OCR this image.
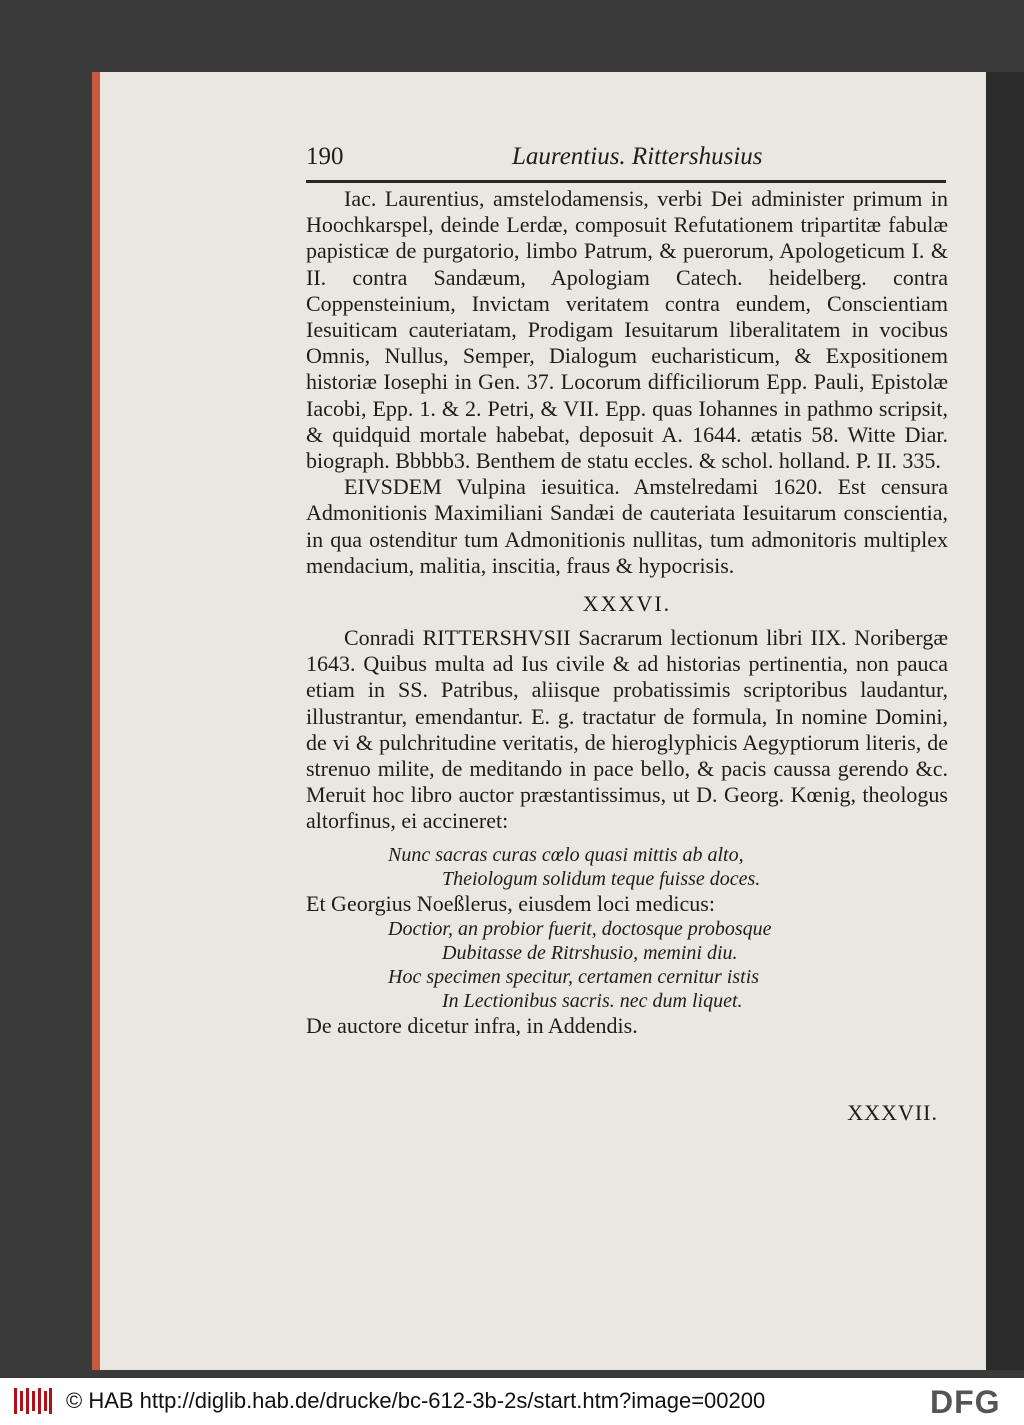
190	Laurentius. Rittershusius

Iac. Laurentius, amstelodamensis, verbi Dei administer primum in Hoochkarspel, deinde Lerdæ, composuit Refutationem tripartitæ fabulæ papisticæ de purgatorio, limbo Patrum, & puerorum, Apologeticum I. & II. contra Sandæum, Apologiam Catech. heidelberg. contra Coppensteinium, Invictam veritatem contra eundem, Conscientiam Iesuiticam cauteriatam, Prodigam Iesuitarum liberalitatem in vocibus Omnis, Nullus, Semper, Dialogum eucharisticum, & Expositionem historiæ Iosephi in Gen. 37. Locorum difficiliorum Epp. Pauli, Epistolæ Iacobi, Epp. 1. & 2. Petri, & VII. Epp. quas Iohannes in pathmo scripsit, & quidquid mortale habebat, deposuit A. 1644. ætatis 58. Witte Diar. biograph. Bbbbb3. Benthem de statu eccles. & schol. holland. P. II. 335.

EIVSDEM Vulpina iesuitica. Amstelredami 1620. Est censura Admonitionis Maximiliani Sandæi de cauteriata Iesuitarum conscientia, in qua ostenditur tum Admonitionis nullitas, tum admonitoris multiplex mendacium, malitia, inscitia, fraus & hypocrisis.

XXXVI.

Conradi RITTERSHVSII Sacrarum lectionum libri IIX. Noribergæ 1643. Quibus multa ad Ius civile & ad historias pertinentia, non pauca etiam in SS. Patribus, aliisque probatissimis scriptoribus laudantur, illustrantur, emendantur. E. g. tractatur de formula, In nomine Domini, de vi & pulchritudine veritatis, de hieroglyphicis Aegyptiorum literis, de strenuo milite, de meditando in pace bello, & pacis caussa gerendo &c. Meruit hoc libro auctor præstantissimus, ut D. Georg. Kœnig, theologus altorfinus, ei accineret:

Nunc sacras curas cœlo quasi mittis ab alto,
Theiologum solidum teque fuisse doces.
Et Georgius Noeßlerus, eiusdem loci medicus:
Doctior, an probior fuerit, doctosque probosque
Dubitasse de Ritrshusio, memini diu.
Hoc specimen specitur, certamen cernitur istis
In Lectionibus sacris. nec dum liquet.
De auctore dicetur infra, in Addendis.
XXXVII.
© HAB http://diglib.hab.de/drucke/bc-612-3b-2s/start.htm?image=00200	DFG
